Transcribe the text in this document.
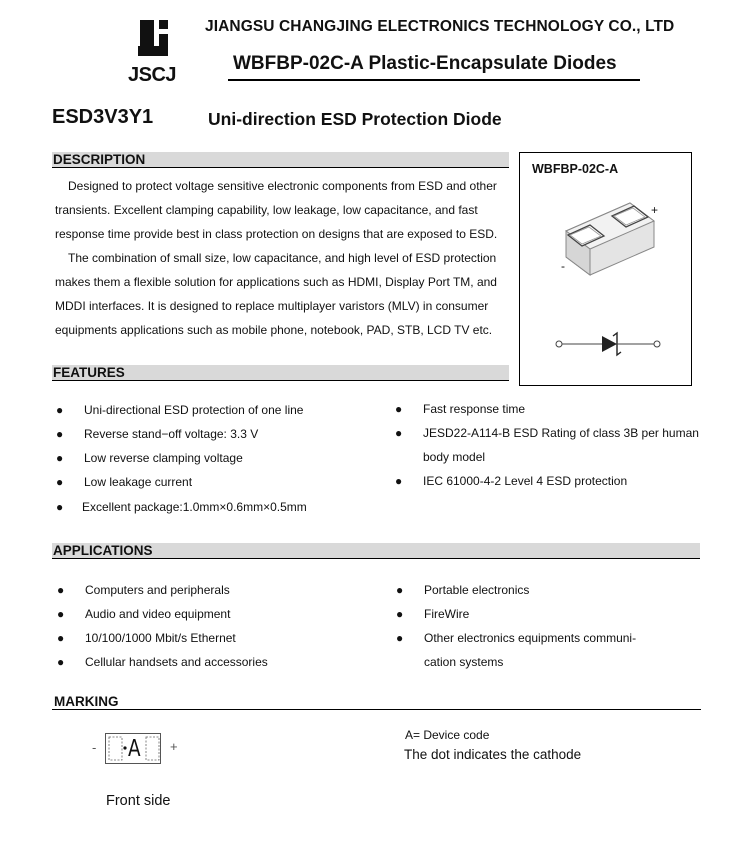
JSCJ
JIANGSU CHANGJING ELECTRONICS TECHNOLOGY CO., LTD
WBFBP-02C-A Plastic-Encapsulate Diodes
ESD3V3Y1	Uni-direction ESD Protection Diode
DESCRIPTION
Designed to protect voltage sensitive electronic components from ESD and other
transients. Excellent clamping capability, low leakage, low capacitance, and fast
response time provide best in class protection on designs that are exposed to ESD.
The combination of small size, low capacitance, and high level of ESD protection
makes them a flexible solution for applications such as HDMI, Display Port TM, and
MDDI interfaces. It is designed to replace multiplayer varistors (MLV) in consumer
equipments applications such as mobile phone, notebook, PAD, STB, LCD TV etc.
WBFBP-02C-A
+
-
FEATURES
● Uni-directional ESD protection of one line
● Reverse stand−off voltage: 3.3 V
● Low reverse clamping voltage
● Low leakage current
● Excellent package:1.0mm×0.6mm×0.5mm
● Fast response time
● JESD22-A114-B ESD Rating of class 3B per human
body model
● IEC 61000-4-2 Level 4 ESD protection
APPLICATIONS
● Computers and peripherals
● Audio and video equipment
● 10/100/1000 Mbit/s Ethernet
● Cellular handsets and accessories
● Portable electronics
● FireWire
● Other electronics equipments communi-
cation systems
MARKING
- A +
A= Device code
The dot indicates the cathode
Front side
